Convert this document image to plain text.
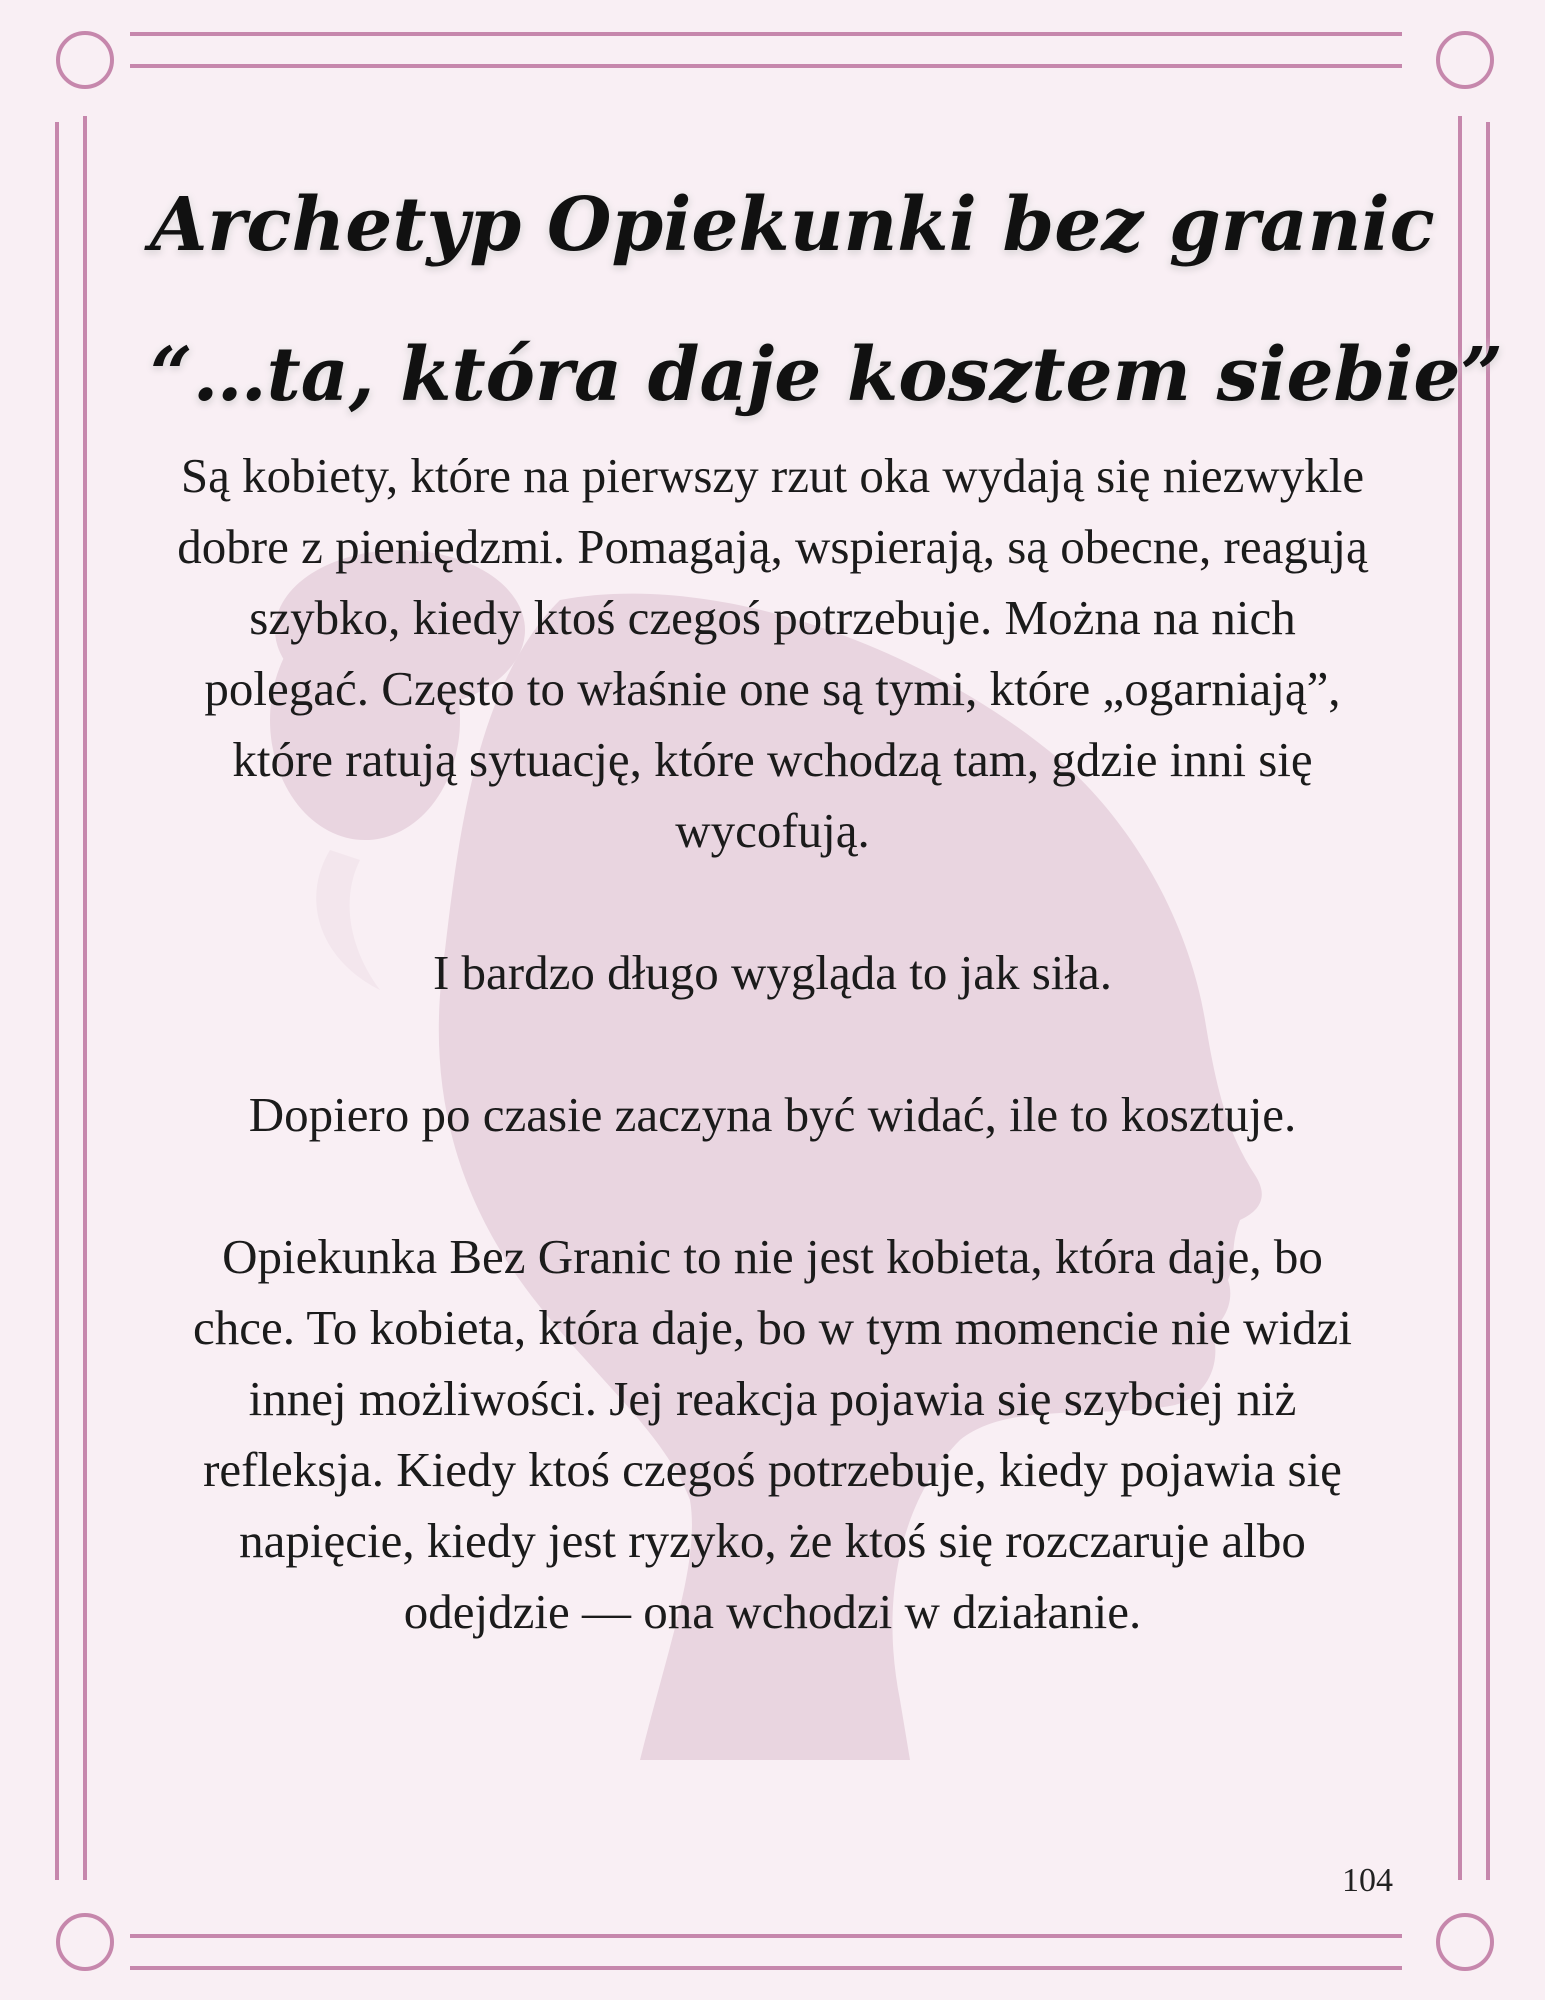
Archetyp Opiekunki bez granic
“…ta, która daje kosztem siebie”

Są kobiety, które na pierwszy rzut oka wydają się niezwykle dobre z pieniędzmi. Pomagają, wspierają, są obecne, reagują szybko, kiedy ktoś czegoś potrzebuje. Można na nich polegać. Często to właśnie one są tymi, które „ogarniają”, które ratują sytuację, które wchodzą tam, gdzie inni się wycofują.

I bardzo długo wygląda to jak siła.

Dopiero po czasie zaczyna być widać, ile to kosztuje.

Opiekunka Bez Granic to nie jest kobieta, która daje, bo chce. To kobieta, która daje, bo w tym momencie nie widzi innej możliwości. Jej reakcja pojawia się szybciej niż refleksja. Kiedy ktoś czegoś potrzebuje, kiedy pojawia się napięcie, kiedy jest ryzyko, że ktoś się rozczaruje albo odejdzie — ona wchodzi w działanie.

104
